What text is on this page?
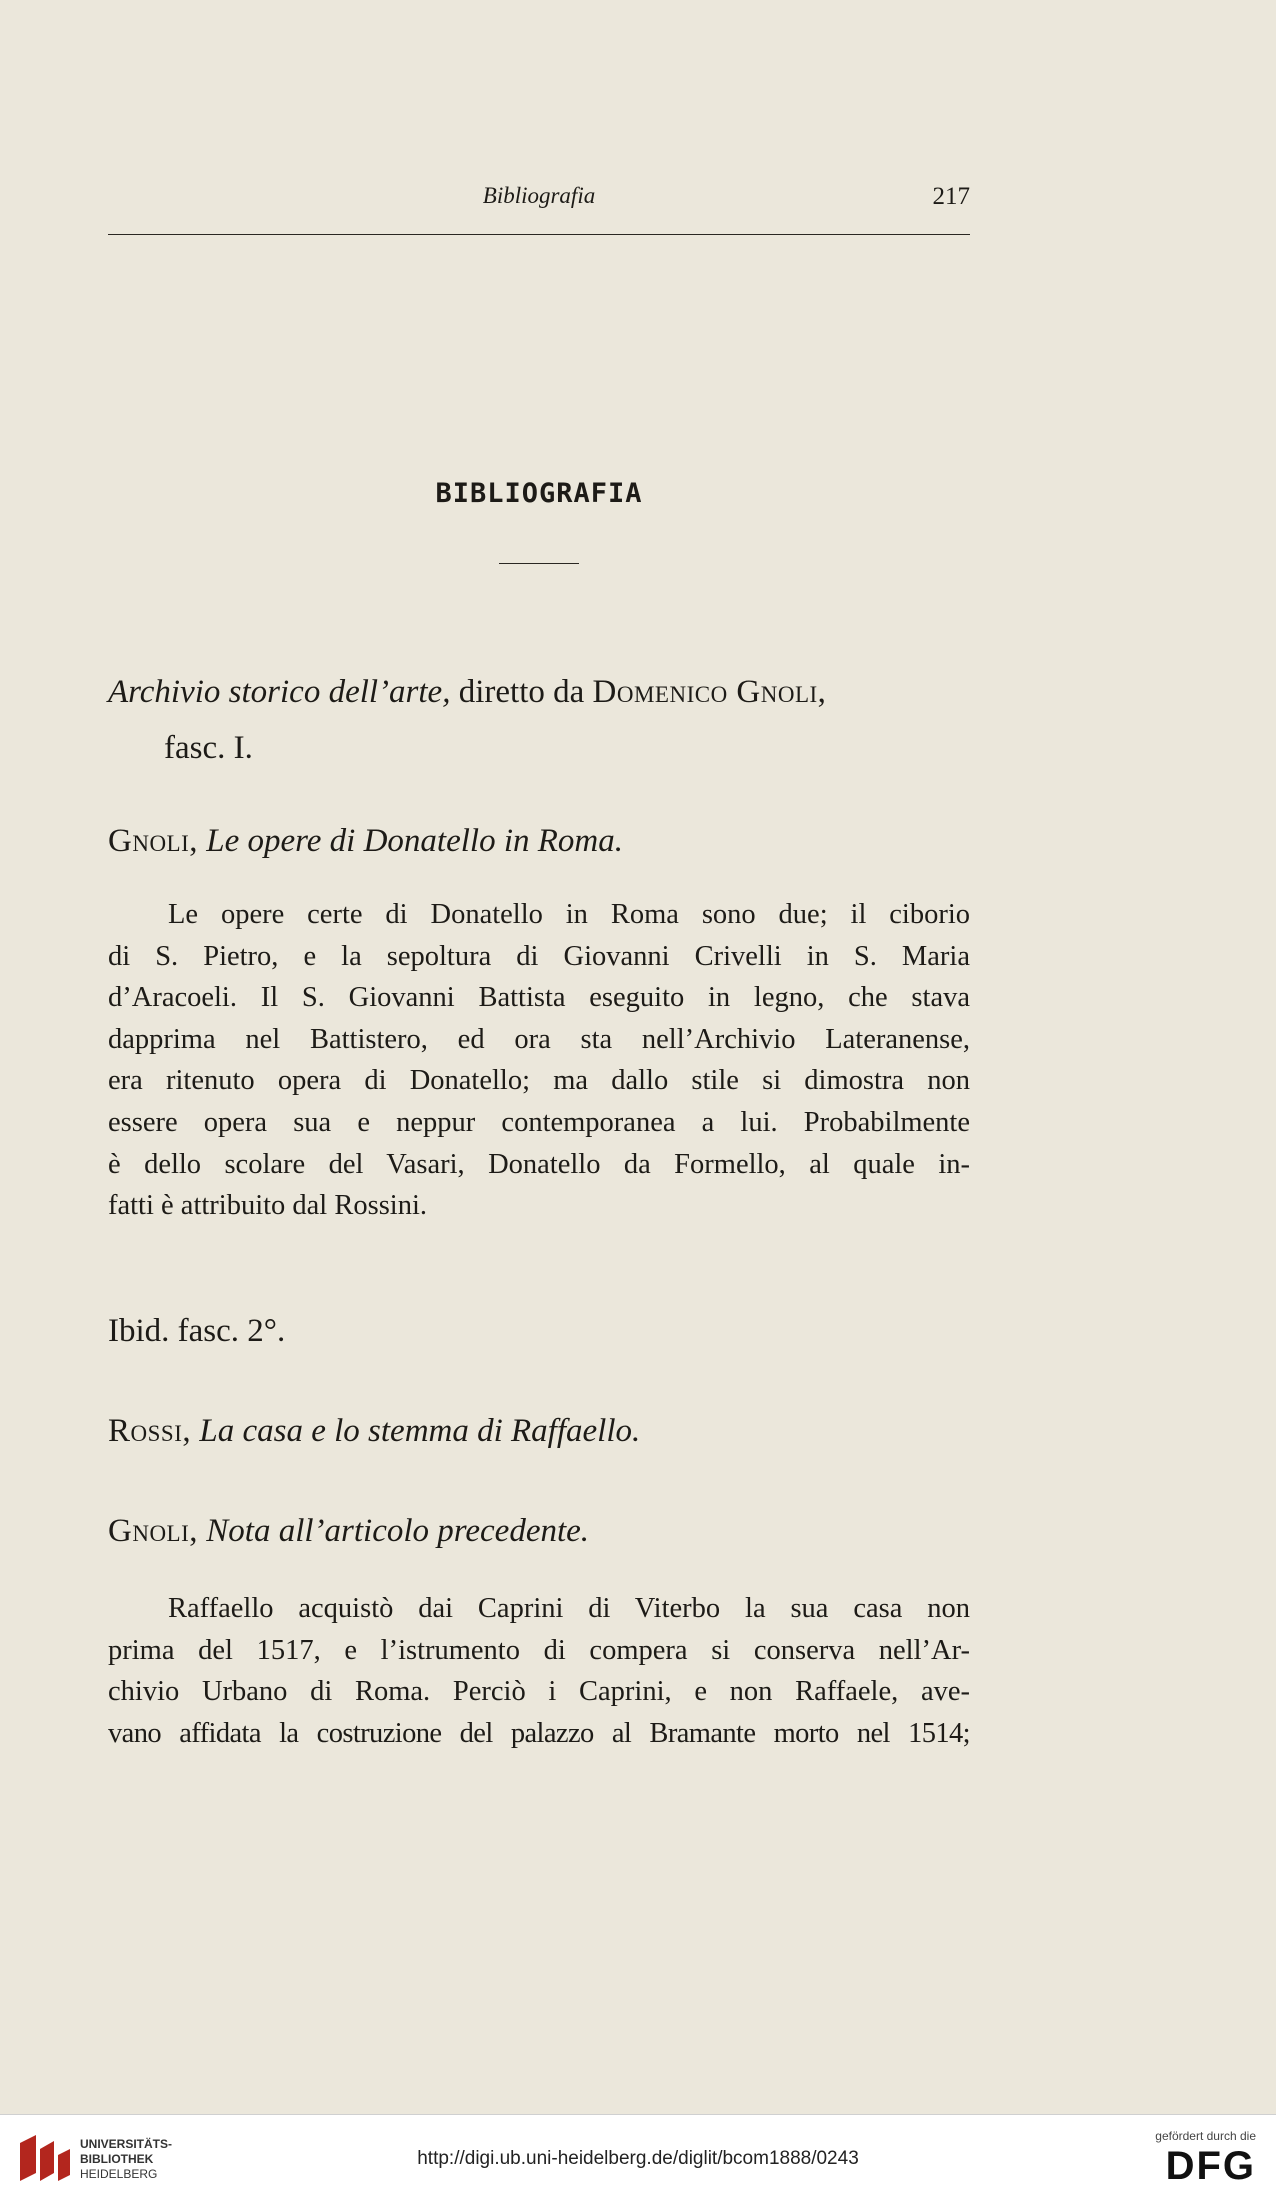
Bibliografia	217
BIBLIOGRAFIA
Archivio storico dell’arte, diretto da Domenico Gnoli,
fasc. I.
Gnoli, Le opere di Donatello in Roma.
Le opere certe di Donatello in Roma sono due; il ciborio
di S. Pietro, e la sepoltura di Giovanni Crivelli in S. Maria
d’Aracoeli. Il S. Giovanni Battista eseguito in legno, che stava
dapprima nel Battistero, ed ora sta nell’Archivio Lateranense,
era ritenuto opera di Donatello; ma dallo stile si dimostra non
essere opera sua e neppur contemporanea a lui. Probabilmente
è dello scolare del Vasari, Donatello da Formello, al quale in-
fatti è attribuito dal Rossini.
Ibid. fasc. 2°.
Rossi, La casa e lo stemma di Raffaello.
Gnoli, Nota all’articolo precedente.
Raffaello acquistò dai Caprini di Viterbo la sua casa non
prima del 1517, e l’istrumento di compera si conserva nell’Ar-
chivio Urbano di Roma. Perciò i Caprini, e non Raffaele, ave-
vano affidata la costruzione del palazzo al Bramante morto nel 1514;
UNIVERSITÄTS-
BIBLIOTHEK
HEIDELBERG
http://digi.ub.uni-heidelberg.de/diglit/bcom1888/0243
gefördert durch die
DFG
